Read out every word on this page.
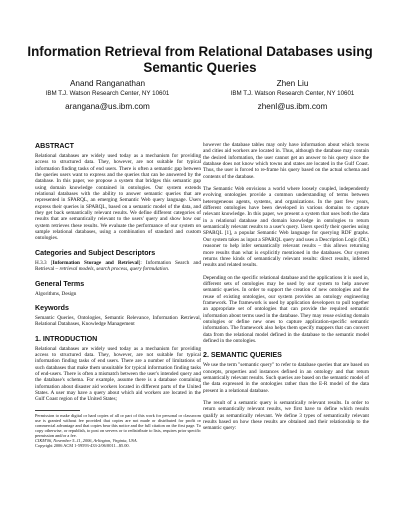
Information Retrieval from Relational Databases using Semantic Queries
Anand Ranganathan
IBM T.J. Watson Research Center, NY 10601
arangana@us.ibm.com
Zhen Liu
IBM T.J. Watson Research Center, NY 10601
zhenl@us.ibm.com
ABSTRACT

Relational databases are widely used today as a mechanism for providing access to structured data. They, however, are not suitable for typical information finding tasks of end users. There is often a semantic gap between the queries users want to express and the queries that can be answered by the database. In this paper, we propose a system that bridges this semantic gap using domain knowledge contained in ontologies. Our system extends relational databases with the ability to answer semantic queries that are represented in SPARQL, an emerging Semantic Web query language. Users express their queries in SPARQL, based on a semantic model of the data, and they get back semantically relevant results. We define different categories of results that are semantically relevant to the users' query and show how our system retrieves these results. We evaluate the performance of our system on sample relational databases, using a combination of standard and custom ontologies.

Categories and Subject Descriptors

H.3.3 [Information Storage and Retrieval]: Information Search and Retrieval – retrieval models, search process, query formulation.

General Terms

Algorithms, Design

Keywords

Semantic Queries, Ontologies, Semantic Relevance, Information Retrieval, Relational Databases, Knowledge Management

1. INTRODUCTION

Relational databases are widely used today as a mechanism for providing access to structured data. They, however, are not suitable for typical information finding tasks of end users. There are a number of limitations of such databases that make them unsuitable for typical information finding tasks of end-users. There is often a mismatch between the user's intended query and the database's schema. For example, assume there is a database containing information about disaster aid workers located in different parts of the United States. A user may have a query about which aid workers are located in the Gulf Coast region of the United States;

Permission to make digital or hard copies of all or part of this work for personal or classroom use is granted without fee provided that copies are not made or distributed for profit or commercial advantage and that copies bear this notice and the full citation on the first page. To copy otherwise, or republish, to post on servers or to redistribute to lists, requires prior specific permission and/or a fee.

CIKM'06, November 5–11, 2006, Arlington, Virginia, USA.

Copyright 2006 ACM 1-59593-433-2/06/0011...$5.00.

however the database tables may only have information about which towns and cities aid workers are located in. Thus, although the database may contain the desired information, the user cannot get an answer to his query since the database does not know which towns and states are located in the Gulf Coast. Thus, the user is forced to re-frame his query based on the actual schema and contents of the database.

The Semantic Web envisions a world where loosely coupled, independently evolving ontologies provide a common understanding of terms between heterogeneous agents, systems, and organizations. In the past few years, different ontologies have been developed in various domains to capture relevant knowledge. In this paper, we present a system that uses both the data in a relational database and domain knowledge in ontologies to return semantically relevant results to a user's query. Users specify their queries using SPARQL [1], a popular Semantic Web language for querying RDF graphs. Our system takes as input a SPARQL query and uses a Description Logic (DL) reasoner to help infer semantically relevant results – this allows returning more results than what is explicitly mentioned in the databases. Our system returns three kinds of semantically relevant results: direct results, inferred results and related results.

Depending on the specific relational database and the applications it is used in, different sets of ontologies may be used by our system to help answer semantic queries. In order to support the creation of new ontologies and the reuse of existing ontologies, our system provides an ontology engineering framework. The framework is used by application developers to pull together an appropriate set of ontologies that can provide the required semantic information about terms used in the database. They may reuse existing domain ontologies or define new ones to capture application-specific semantic information. The framework also helps them specify mappers that can convert data from the relational model defined in the database to the semantic model defined in the ontologies.

2. SEMANTIC QUERIES

We use the term "semantic query" to refer to database queries that are based on concepts, properties and instances defined in an ontology and that return semantically relevant results. Such queries are based on the semantic model of the data expressed in the ontologies rather than the E-R model of the data present in a relational database.

The result of a semantic query is semantically relevant results. In order to return semantically relevant results, we first have to define which results qualify as semantically relevant. We define 3 types of semantically relevant results based on how these results are obtained and their relationship to the semantic query:
